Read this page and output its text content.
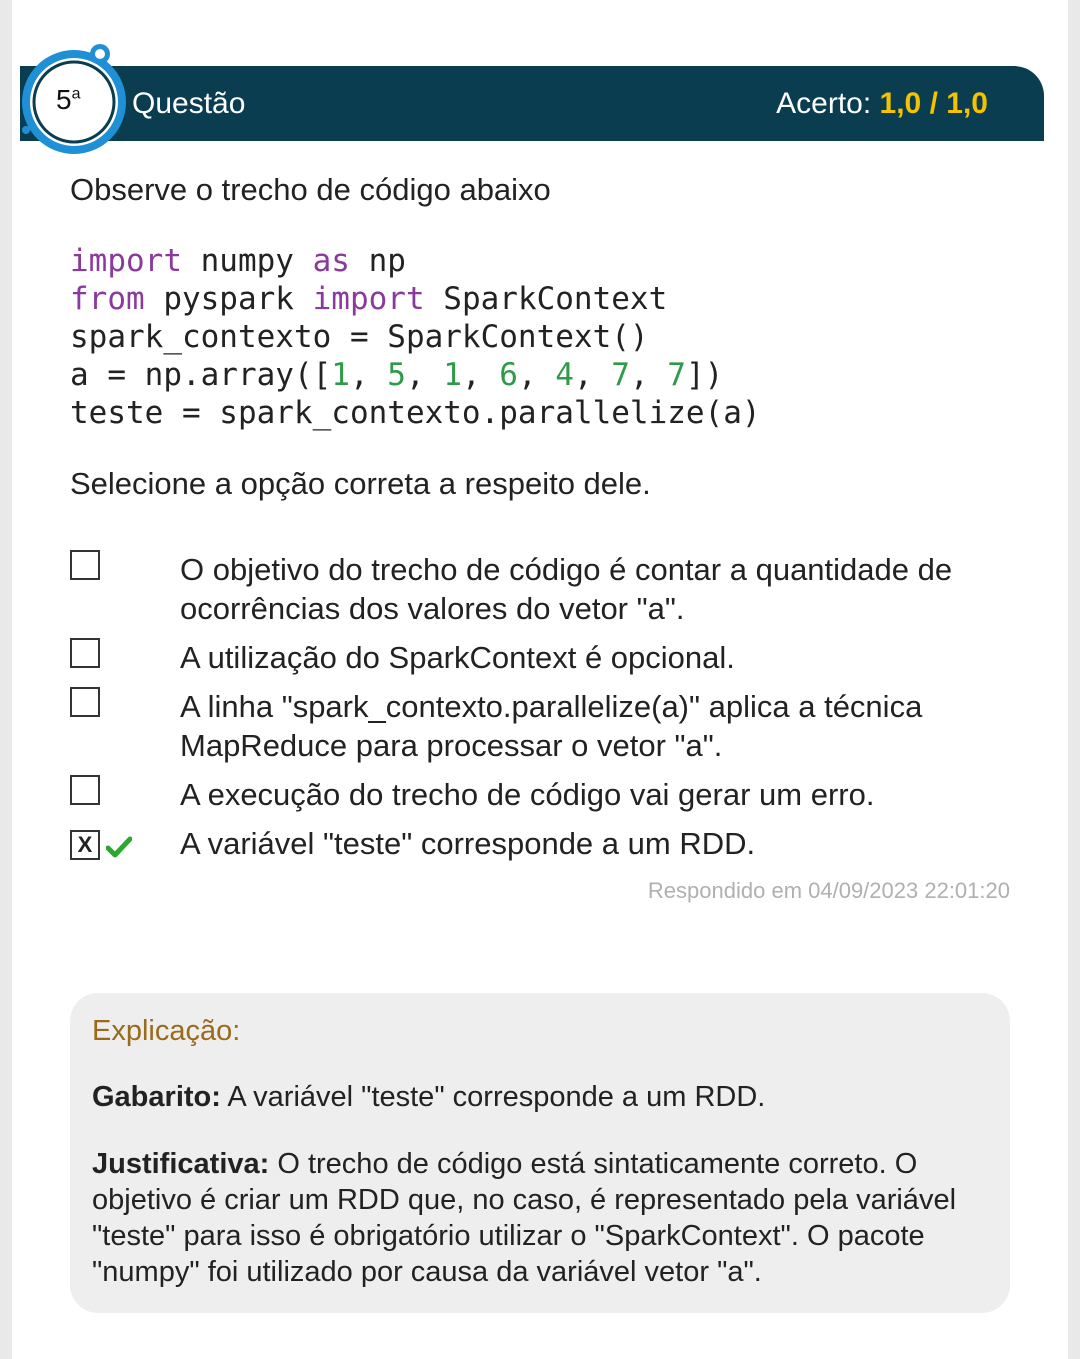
5$^a$ Questão	Acerto: 1,0 / 1,0
Observe o trecho de código abaixo
import numpy as np
from pyspark import SparkContext
spark_contexto = SparkContext()
a = np.array([1, 5, 1, 6, 4, 7, 7])
teste = spark_contexto.parallelize(a)
Selecione a opção correta a respeito dele.
O objetivo do trecho de código é contar a quantidade de ocorrências dos valores do vetor "a".
A utilização do SparkContext é opcional.
A linha "spark_contexto.parallelize(a)" aplica a técnica MapReduce para processar o vetor "a".
A execução do trecho de código vai gerar um erro.
X	A variável "teste" corresponde a um RDD.
Respondido em 04/09/2023 22:01:20
Explicação:
Gabarito: A variável "teste" corresponde a um RDD.
Justificativa: O trecho de código está sintaticamente correto. O objetivo é criar um RDD que, no caso, é representado pela variável "teste" para isso é obrigatório utilizar o "SparkContext". O pacote "numpy" foi utilizado por causa da variável vetor "a".
